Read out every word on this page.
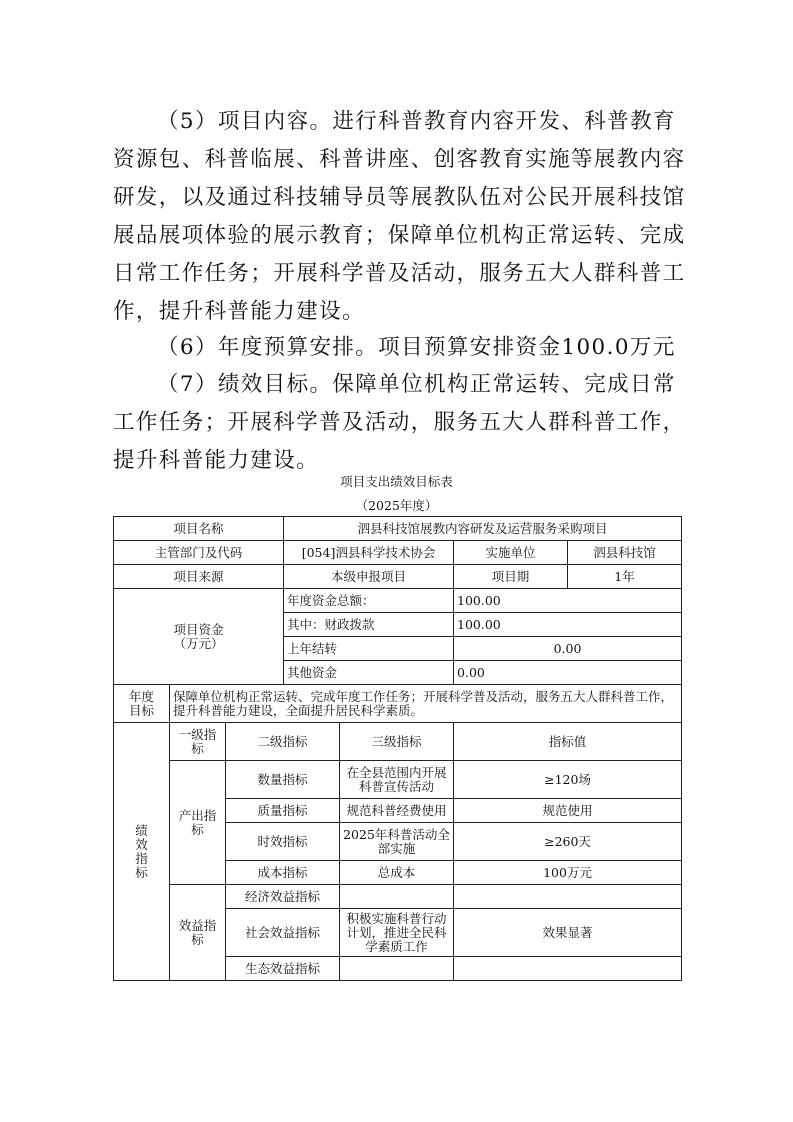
（5）项目内容。进行科普教育内容开发、科普教育资源包、科普临展、科普讲座、创客教育实施等展教内容研发，以及通过科技辅导员等展教队伍对公民开展科技馆展品展项体验的展示教育；保障单位机构正常运转、完成日常工作任务；开展科学普及活动，服务五大人群科普工作，提升科普能力建设。

（6）年度预算安排。项目预算安排资金100.0万元

（7）绩效目标。保障单位机构正常运转、完成日常工作任务；开展科学普及活动，服务五大人群科普工作，提升科普能力建设。

项目支出绩效目标表
（2025年度）
项目名称			泗县科技馆展教内容研发及运营服务采购项目			
主管部门及代码			[054]泗县科学技术协会		实施单位	泗县科技馆
项目来源			本级申报项目		项目期	1年

项目资金
（万元）			年度资金总额：		100.00	
			其中：财政拨款		100.00	
			上年结转		0.00	
			其他资金		0.00	

年度
目标	保障单位机构正常运转、完成年度工作任务；开展科学普及活动，服务五大人群科普工作，提升科普能力建设，全面提升居民科学素质。					

绩
效
指
标	一级指标	二级指标		三级指标	指标值	
	产出指标	数量指标		在全县范围内开展科普宣传活动	≥120场	
		质量指标		规范科普经费使用	规范使用	
		时效指标		2025年科普活动全部实施	≥260天	
		成本指标		总成本	100万元	
	效益指标	经济效益指标				
		社会效益指标		积极实施科普行动计划，推进全民科学素质工作	效果显著	
		生态效益指标				
